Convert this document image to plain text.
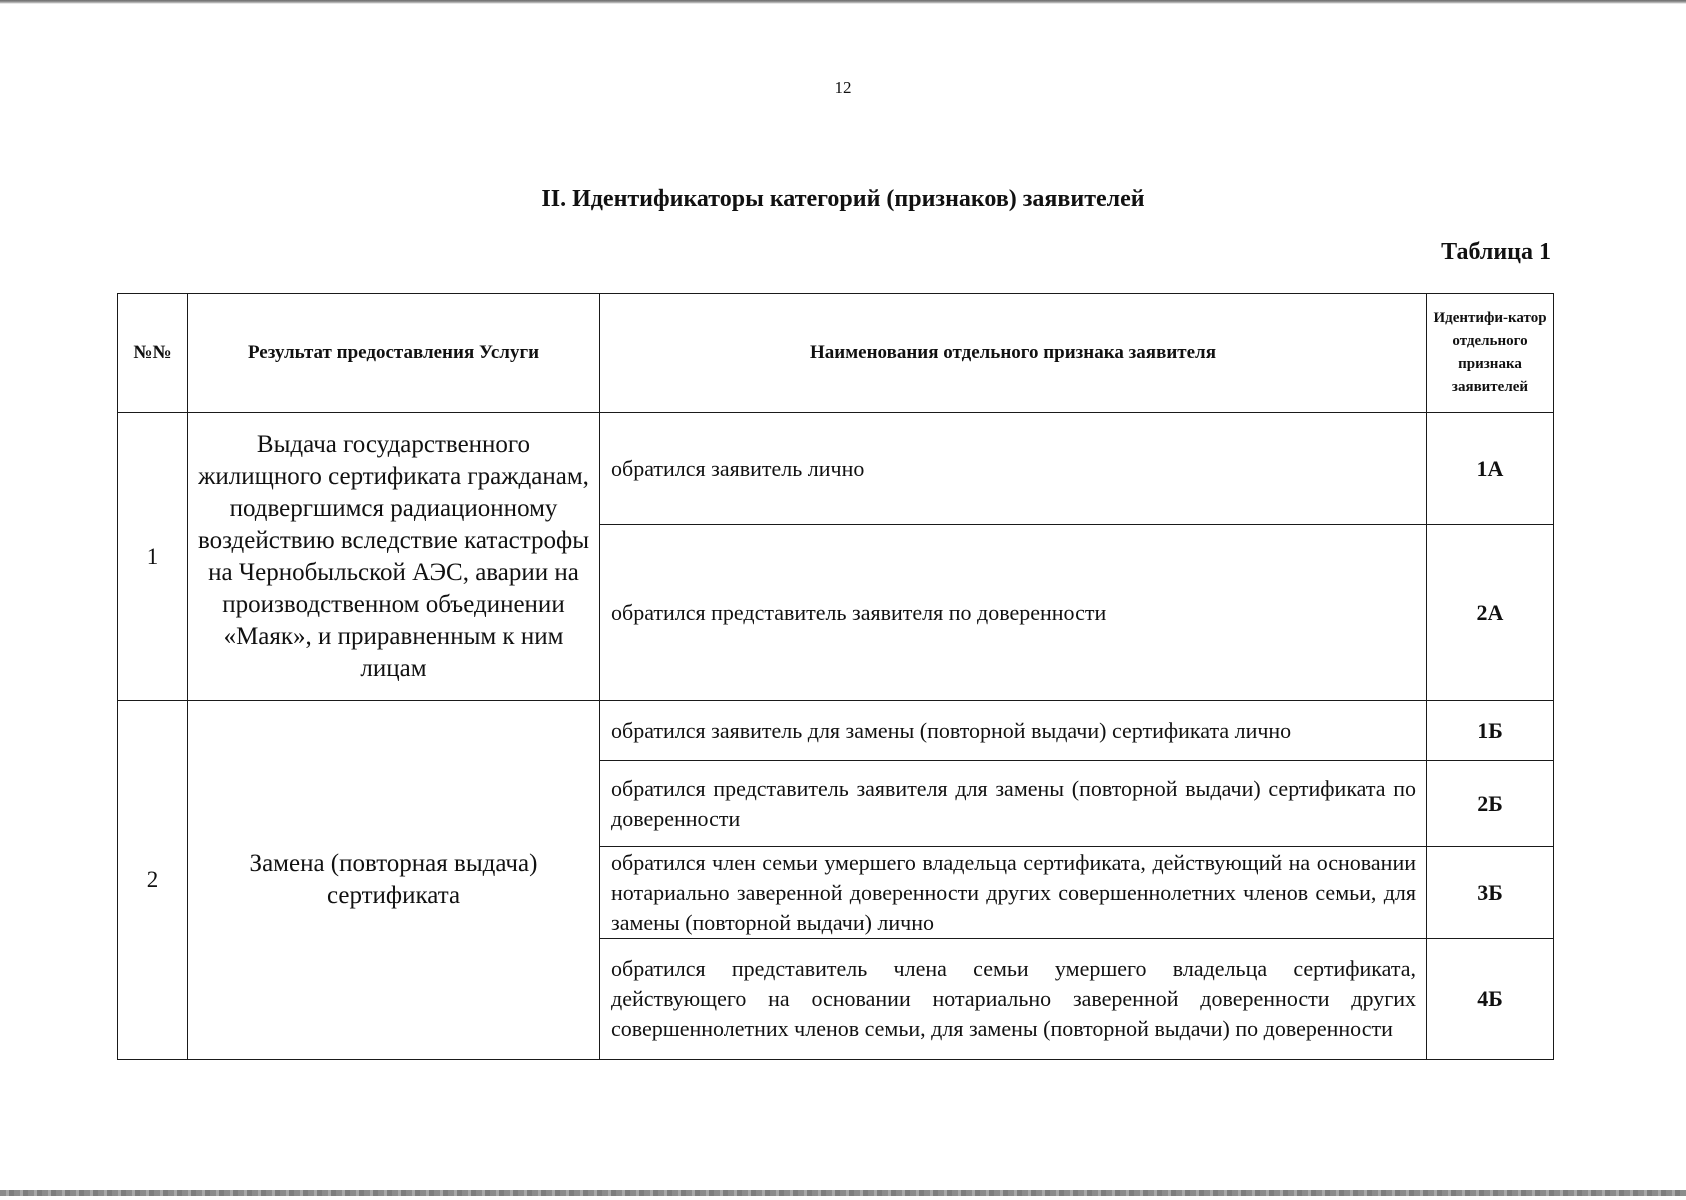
12
II. Идентификаторы категорий (признаков) заявителей
Таблица 1
№№	Результат предоставления Услуги	Наименования отдельного признака заявителя	Идентифи-катор отдельного признака заявителей
1	Выдача государственного жилищного сертификата гражданам, подвергшимся радиационному воздействию вследствие катастрофы на Чернобыльской АЭС, аварии на производственном объединении «Маяк», и приравненным к ним лицам	обратился заявитель лично	1А
		обратился представитель заявителя по доверенности	2А
2	Замена (повторная выдача) сертификата	обратился заявитель для замены (повторной выдачи) сертификата лично	1Б
		обратился представитель заявителя для замены (повторной выдачи) сертификата по доверенности	2Б
		обратился член семьи умершего владельца сертификата, действующий на основании нотариально заверенной доверенности других совершеннолетних членов семьи, для замены (повторной выдачи) лично	3Б
		обратился представитель члена семьи умершего владельца сертификата, действующего на основании нотариально заверенной доверенности других совершеннолетних членов семьи, для замены (повторной выдачи) по доверенности	4Б
